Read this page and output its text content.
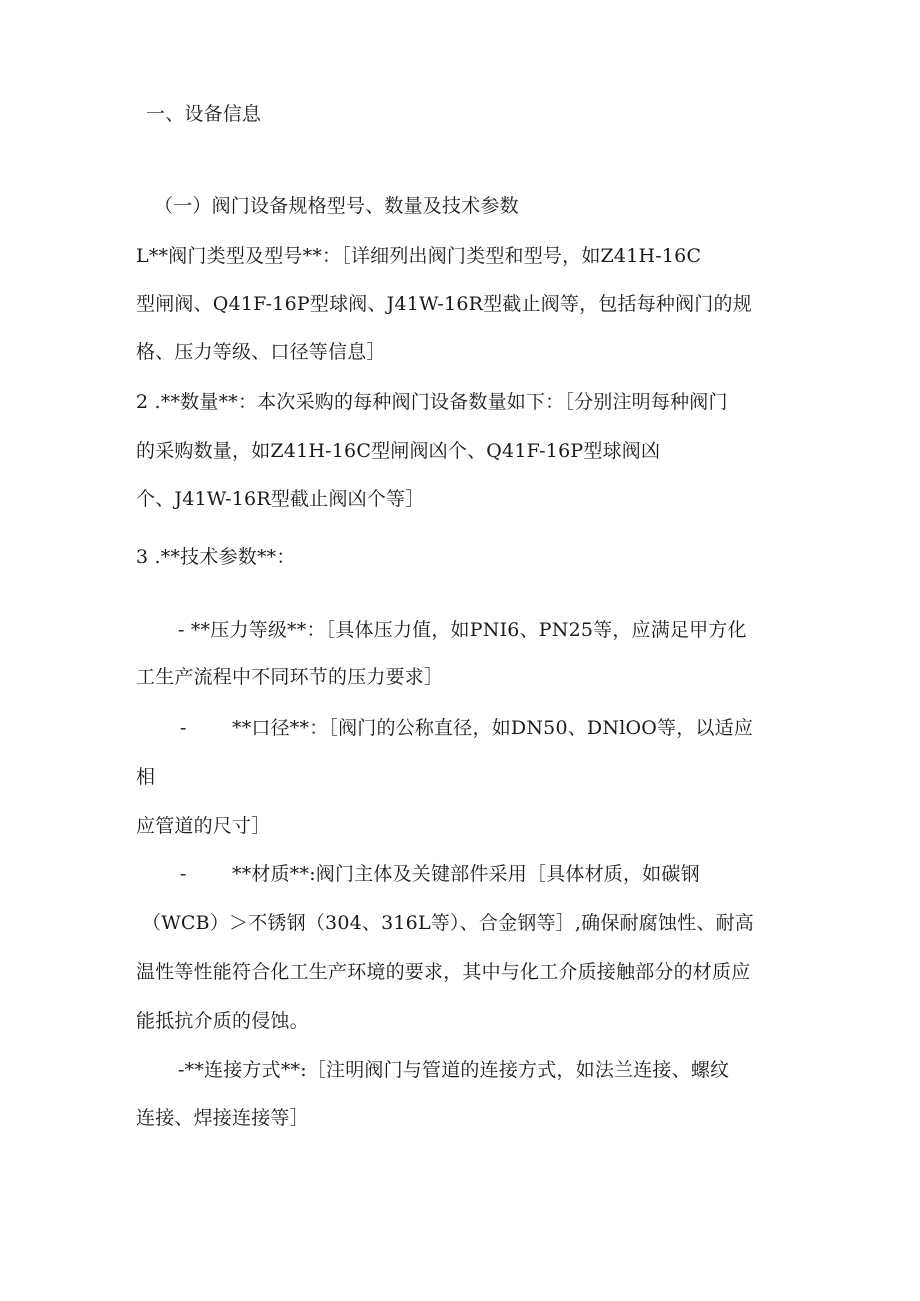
一、设备信息

（一）阀门设备规格型号、数量及技术参数

L**阀门类型及型号**：［详细列出阀门类型和型号，如Z41H-16C

型闸阀、Q41F-16P型球阀、J41W-16R型截止阀等，包括每种阀门的规

格、压力等级、口径等信息］

2 .**数量**：本次采购的每种阀门设备数量如下：［分别注明每种阀门

的采购数量，如Z41H-16C型闸阀凶个、Q41F-16P型球阀凶

个、J41W-16R型截止阀凶个等］

3 .**技术参数**：

- **压力等级**：［具体压力值，如PNI6、PN25等，应满足甲方化

工生产流程中不同环节的压力要求］

- **口径**：［阀门的公称直径，如DN50、DNlOO等，以适应

相

应管道的尺寸］

- **材质**:阀门主体及关键部件采用［具体材质，如碳钢

（WCB）＞不锈钢（304、316L等）、合金钢等］,确保耐腐蚀性、耐高

温性等性能符合化工生产环境的要求，其中与化工介质接触部分的材质应

能抵抗介质的侵蚀。

-**连接方式**:［注明阀门与管道的连接方式，如法兰连接、螺纹

连接、焊接连接等］
